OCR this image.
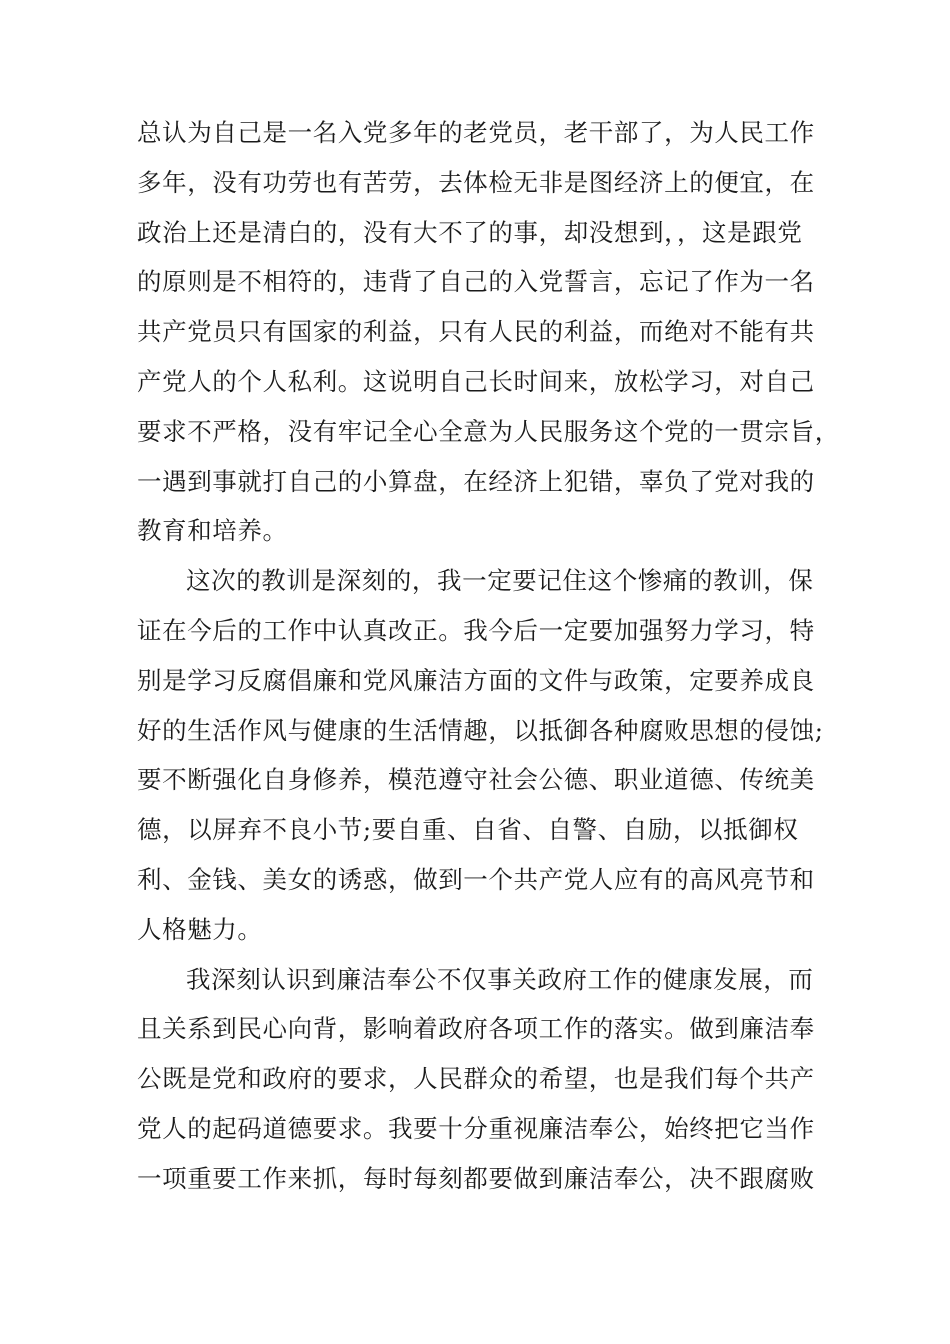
总认为自己是一名入党多年的老党员，老干部了，为人民工作
多年，没有功劳也有苦劳，去体检无非是图经济上的便宜，在
政治上还是清白的，没有大不了的事，却没想到，，这是跟党
的原则是不相符的，违背了自己的入党誓言，忘记了作为一名
共产党员只有国家的利益，只有人民的利益，而绝对不能有共
产党人的个人私利。这说明自己长时间来，放松学习，对自己
要求不严格，没有牢记全心全意为人民服务这个党的一贯宗旨，
一遇到事就打自己的小算盘，在经济上犯错，辜负了党对我的
教育和培养。
这次的教训是深刻的，我一定要记住这个惨痛的教训，保
证在今后的工作中认真改正。我今后一定要加强努力学习，特
别是学习反腐倡廉和党风廉洁方面的文件与政策，定要养成良
好的生活作风与健康的生活情趣，以抵御各种腐败思想的侵蚀;
要不断强化自身修养，模范遵守社会公德、职业道德、传统美
德，以屏弃不良小节;要自重、自省、自警、自励，以抵御权
利、金钱、美女的诱惑，做到一个共产党人应有的高风亮节和
人格魅力。
我深刻认识到廉洁奉公不仅事关政府工作的健康发展，而
且关系到民心向背，影响着政府各项工作的落实。做到廉洁奉
公既是党和政府的要求，人民群众的希望，也是我们每个共产
党人的起码道德要求。我要十分重视廉洁奉公，始终把它当作
一项重要工作来抓，每时每刻都要做到廉洁奉公，决不跟腐败
